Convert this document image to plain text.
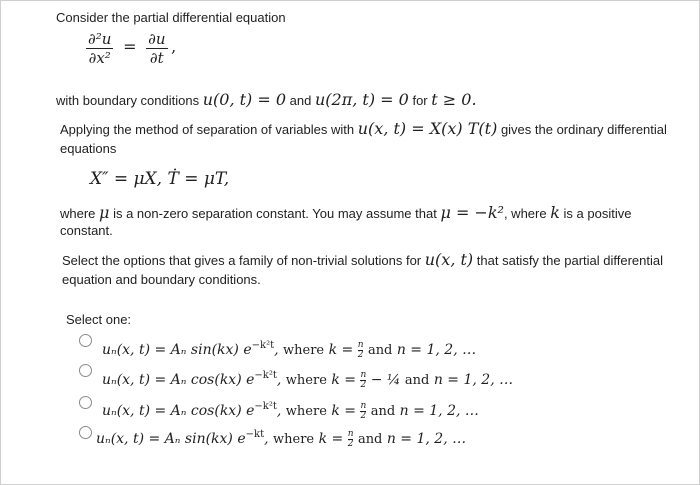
Consider the partial differential equation
$\frac{\text{∂²u}}{\text{∂x²}} = \frac{\partial u}{\partial t}$ ,
with boundary conditions u(0, t) = 0 and u(2π, t) = 0 for t ≥ 0.
Applying the method of separation of variables with u(x, t) = X(x) T(t) gives the ordinary differential
equations
X″ = μX, Ṫ = μT,
where μ is a non-zero separation constant. You may assume that μ = −k², where k is a positive
constant.
Select the options that gives a family of non-trivial solutions for u(x, t) that satisfy the partial differential
equation and boundary conditions.
Select one:
uₙ(x, t) = Aₙ sin(kx) $e^{-k^2t}$, where $k = \frac{n}{2}$ and n = 1, 2, …
uₙ(x, t) = Aₙ cos(kx) $e^{-k^2t}$, where $k = \frac{n}{2}$ − ¼ and n = 1, 2, …
uₙ(x, t) = Aₙ cos(kx) $e^{-k^2t}$, where $k = \frac{n}{2}$ and n = 1, 2, …
uₙ(x, t) = Aₙ sin(kx) $e^{-kt}$, where $k = \frac{n}{2}$ and n = 1, 2, …
